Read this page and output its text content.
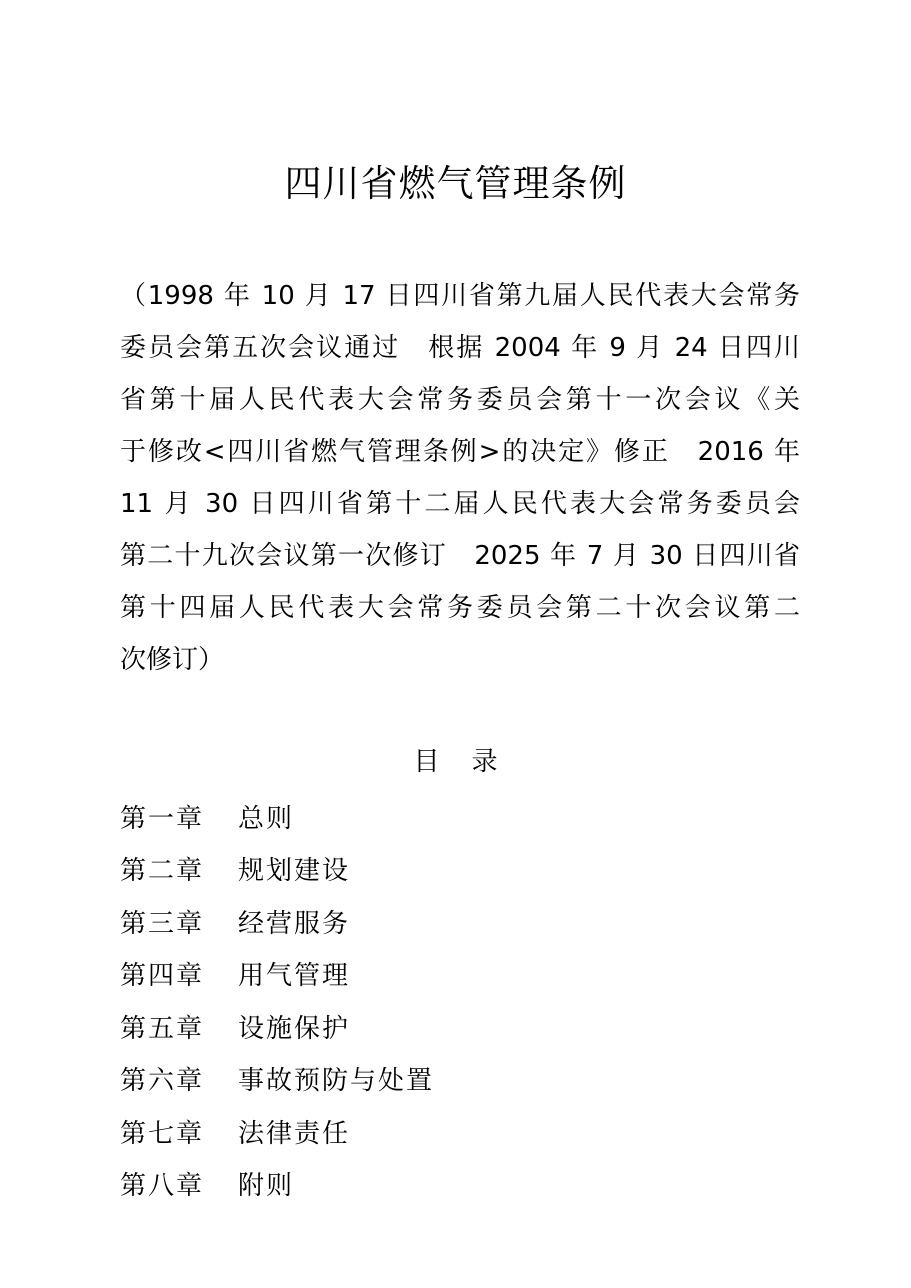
四川省燃气管理条例
（1998 年 10 月 17 日四川省第九届人民代表大会常务
委员会第五次会议通过　根据 2004 年 9 月 24 日四川
省第十届人民代表大会常务委员会第十一次会议《关
于修改<四川省燃气管理条例>的决定》修正　2016 年
11 月 30 日四川省第十二届人民代表大会常务委员会
第二十九次会议第一次修订　2025 年 7 月 30 日四川省
第十四届人民代表大会常务委员会第二十次会议第二
次修订）
目录
第一章	总则
第二章	规划建设
第三章	经营服务
第四章	用气管理
第五章	设施保护
第六章	事故预防与处置
第七章	法律责任
第八章	附则
